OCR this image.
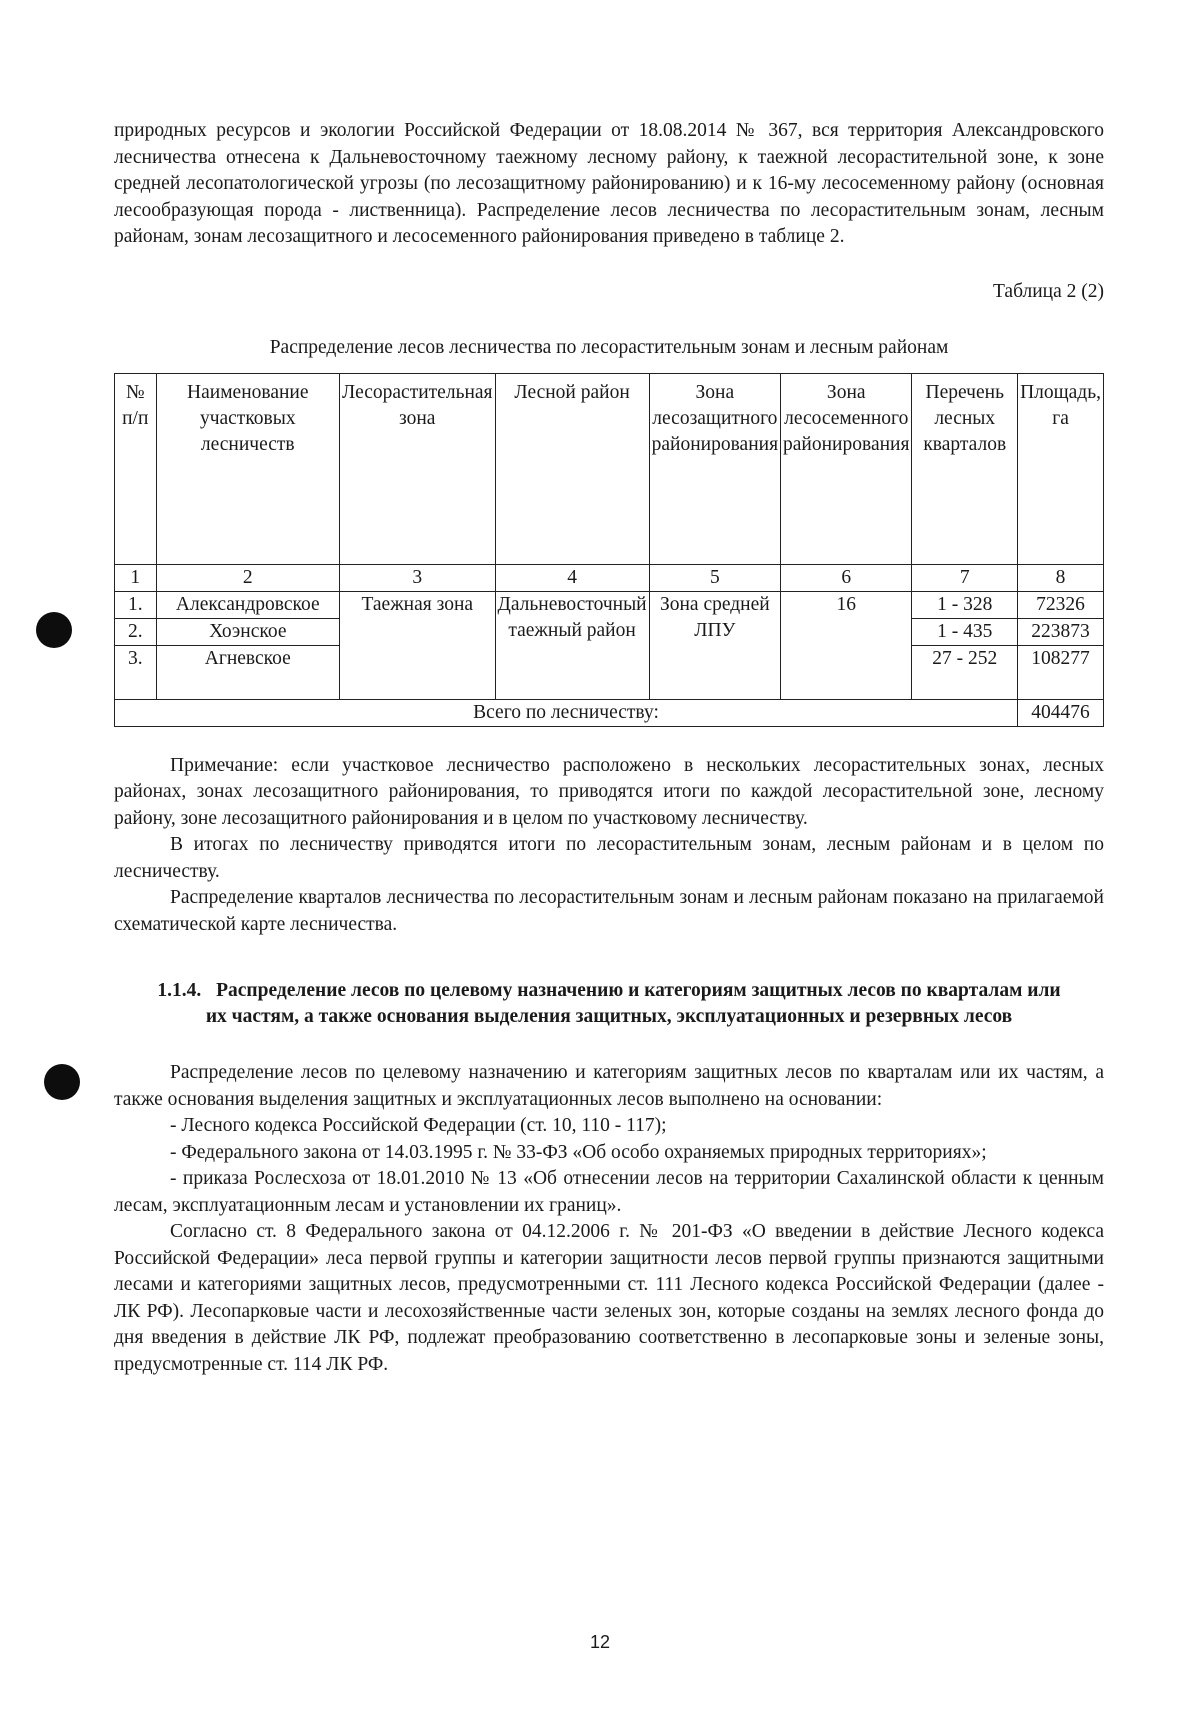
природных ресурсов и экологии Российской Федерации от 18.08.2014 № 367, вся территория Александровского лесничества отнесена к Дальневосточному таежному лесному району, к таежной лесорастительной зоне, к зоне средней лесопатологической угрозы (по лесозащитному районированию) и к 16-му лесосеменному району (основная лесообразующая порода - лиственница). Распределение лесов лесничества по лесорастительным зонам, лесным районам, зонам лесозащитного и лесосеменного районирования приведено в таблице 2.

Таблица 2 (2)
Распределение лесов лесничества по лесорастительным зонам и лесным районам
№ п/п	Наименование участковых лесничеств	Лесорастительная зона	Лесной район	Зона лесозащитного районирования	Зона лесосеменного районирования	Перечень лесных кварталов	Площадь, га
1	2	3	4	5	6	7	8
1.	Александровское	Таежная зона	Дальневосточный таежный район	Зона средней ЛПУ	16	1 - 328	72326
2.	Хоэнское					1 - 435	223873
3.	Агневское					27 - 252	108277
Всего по лесничеству:							404476

Примечание: если участковое лесничество расположено в нескольких лесорастительных зонах, лесных районах, зонах лесозащитного районирования, то приводятся итоги по каждой лесорастительной зоне, лесному району, зоне лесозащитного районирования и в целом по участковому лесничеству.

В итогах по лесничеству приводятся итоги по лесорастительным зонам, лесным районам и в целом по лесничеству.

Распределение кварталов лесничества по лесорастительным зонам и лесным районам показано на прилагаемой схематической карте лесничества.

1.1.4. Распределение лесов по целевому назначению и категориям защитных лесов по кварталам или их частям, а также основания выделения защитных, эксплуатационных и резервных лесов

Распределение лесов по целевому назначению и категориям защитных лесов по кварталам или их частям, а также основания выделения защитных и эксплуатационных лесов выполнено на основании:

- Лесного кодекса Российской Федерации (ст. 10, 110 - 117);

- Федерального закона от 14.03.1995 г. № 33-ФЗ «Об особо охраняемых природных территориях»;

- приказа Рослесхоза от 18.01.2010 № 13 «Об отнесении лесов на территории Сахалинской области к ценным лесам, эксплуатационным лесам и установлении их границ».

Согласно ст. 8 Федерального закона от 04.12.2006 г. № 201-ФЗ «О введении в действие Лесного кодекса Российской Федерации» леса первой группы и категории защитности лесов первой группы признаются защитными лесами и категориями защитных лесов, предусмотренными ст. 111 Лесного кодекса Российской Федерации (далее - ЛК РФ). Лесопарковые части и лесохозяйственные части зеленых зон, которые созданы на землях лесного фонда до дня введения в действие ЛК РФ, подлежат преобразованию соответственно в лесопарковые зоны и зеленые зоны, предусмотренные ст. 114 ЛК РФ.

12
